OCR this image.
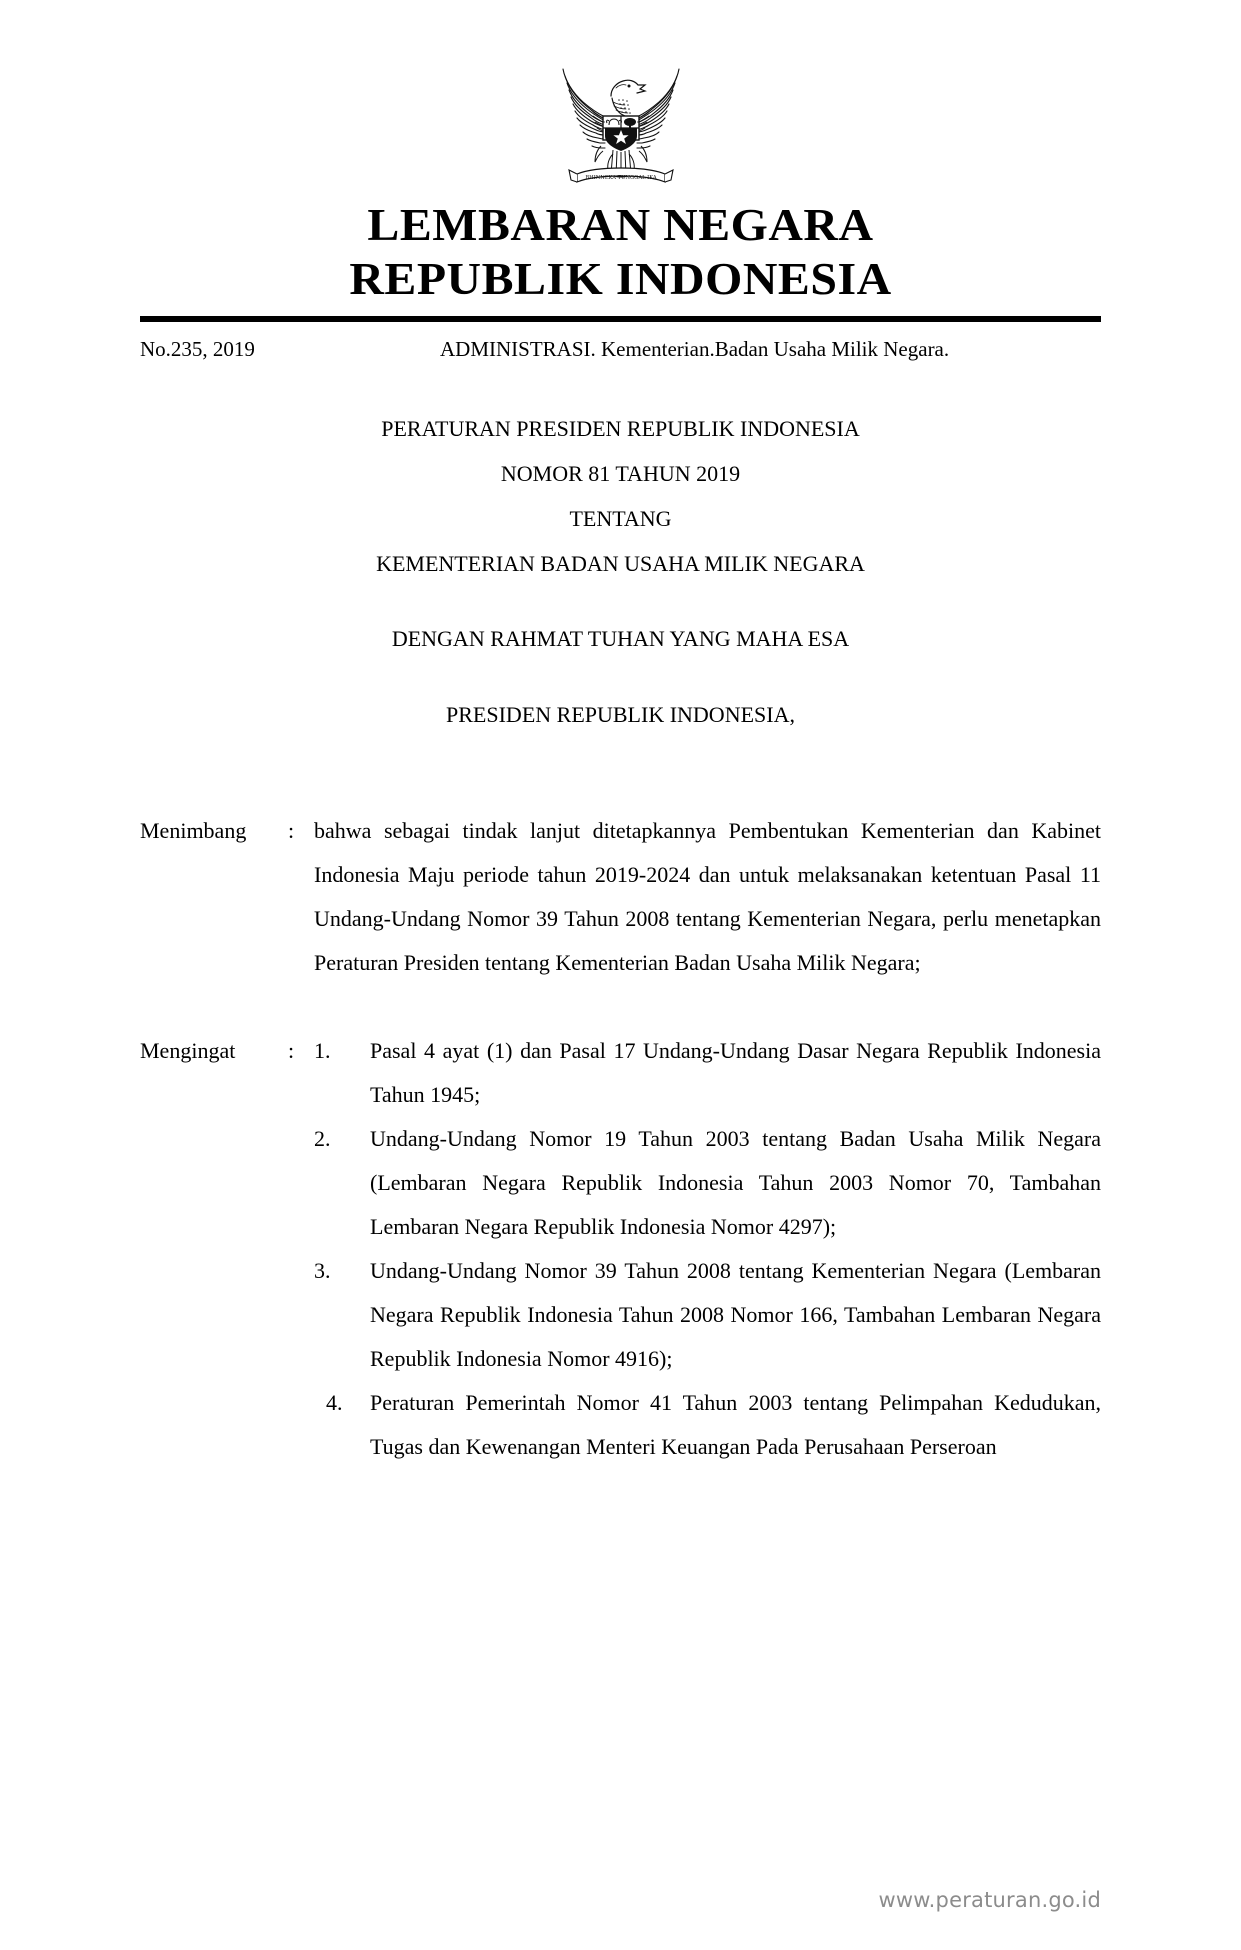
BHINNEKA TUNGGAL IKA
LEMBARAN NEGARA
REPUBLIK INDONESIA
No.235, 2019	ADMINISTRASI. Kementerian.Badan Usaha Milik Negara.
PERATURAN PRESIDEN REPUBLIK INDONESIA
NOMOR 81 TAHUN 2019
TENTANG
KEMENTERIAN BADAN USAHA MILIK NEGARA
DENGAN RAHMAT TUHAN YANG MAHA ESA
PRESIDEN REPUBLIK INDONESIA,
Menimbang	: bahwa sebagai tindak lanjut ditetapkannya Pembentukan Kementerian dan Kabinet Indonesia Maju periode tahun 2019-2024 dan untuk melaksanakan ketentuan Pasal 11 Undang-Undang Nomor 39 Tahun 2008 tentang Kementerian Negara, perlu menetapkan Peraturan Presiden tentang Kementerian Badan Usaha Milik Negara;
Mengingat	: 1.	Pasal 4 ayat (1) dan Pasal 17 Undang-Undang Dasar Negara Republik Indonesia Tahun 1945;
2.	Undang-Undang Nomor 19 Tahun 2003 tentang Badan Usaha Milik Negara (Lembaran Negara Republik Indonesia Tahun 2003 Nomor 70, Tambahan Lembaran Negara Republik Indonesia Nomor 4297);
3.	Undang-Undang Nomor 39 Tahun 2008 tentang Kementerian Negara (Lembaran Negara Republik Indonesia Tahun 2008 Nomor 166, Tambahan Lembaran Negara Republik Indonesia Nomor 4916);
4.	Peraturan Pemerintah Nomor 41 Tahun 2003 tentang Pelimpahan Kedudukan, Tugas dan Kewenangan Menteri Keuangan Pada Perusahaan Perseroan
www.peraturan.go.id
